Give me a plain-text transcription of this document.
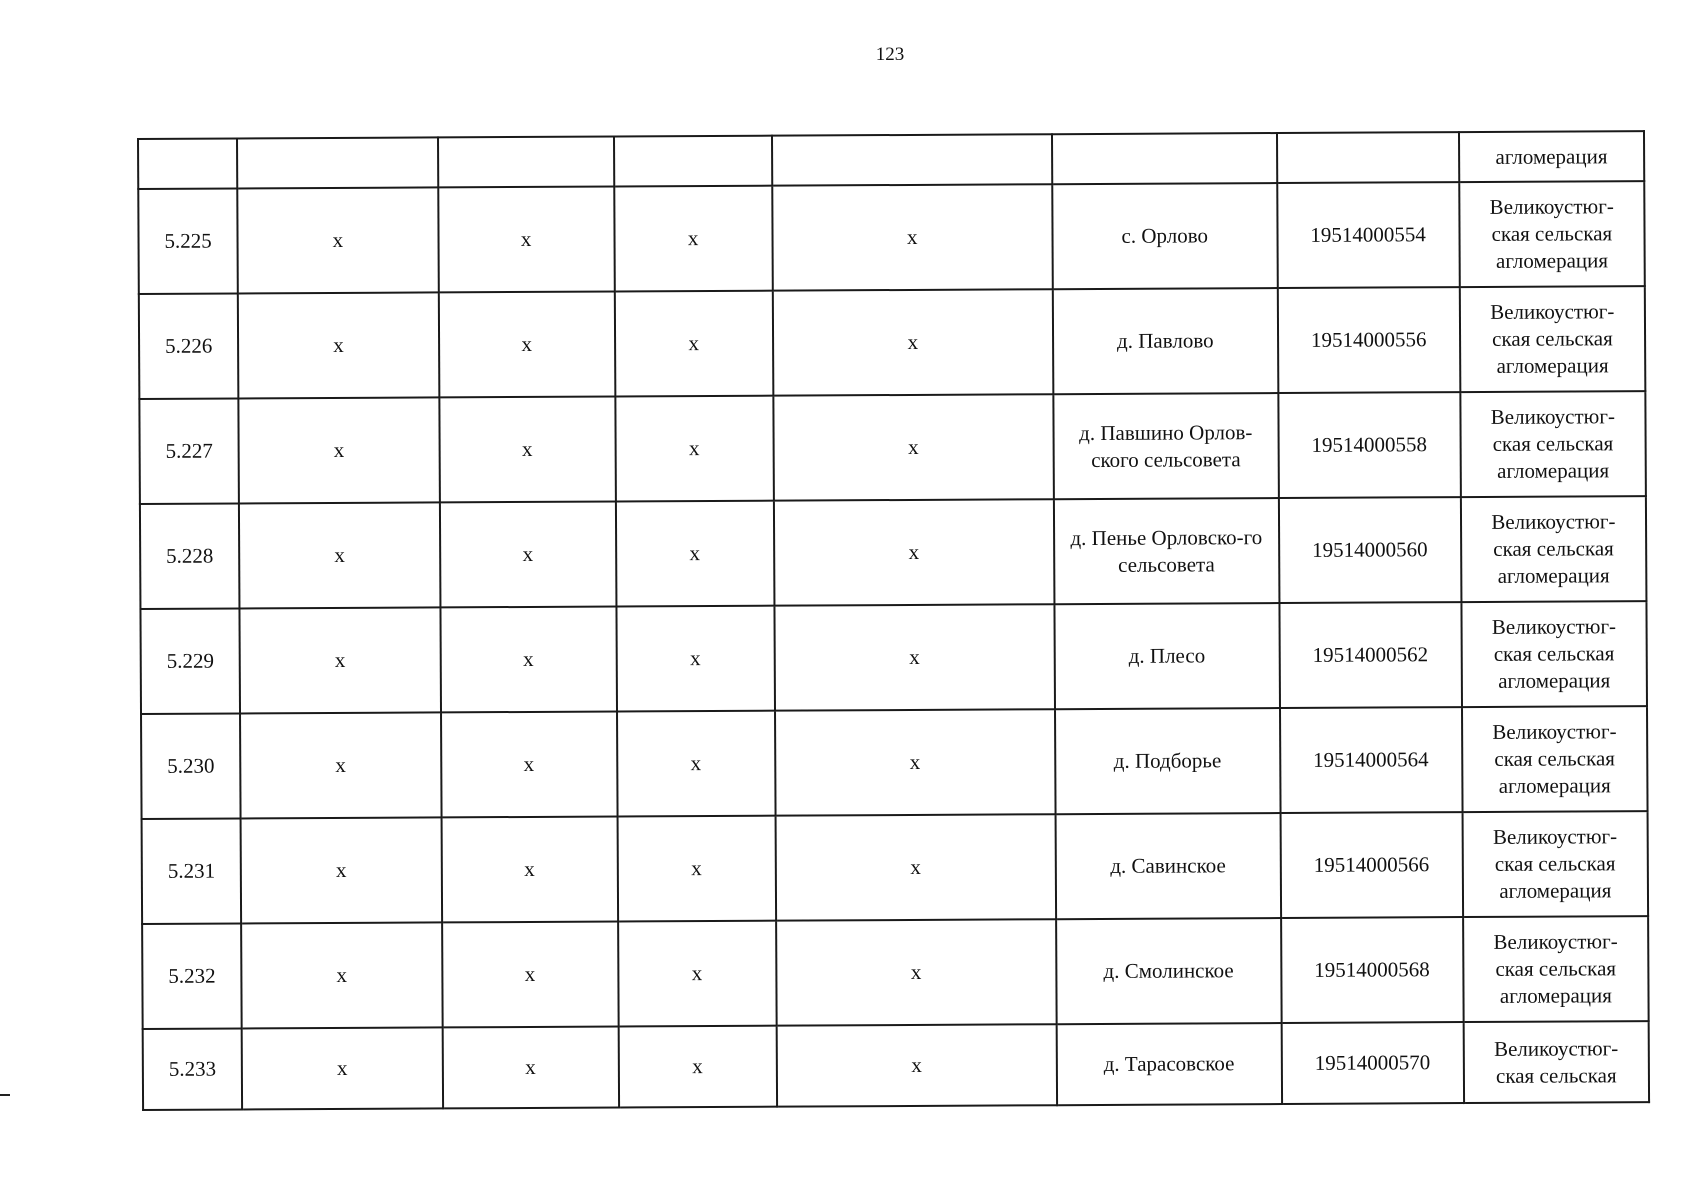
123
							агломерация
5.225	х	х	х	х	с. Орлово	19514000554	Великоустюг-
ская сельская
агломерация

5.226	х	х	х	х	д. Павлово	19514000556	Великоустюг-
ская сельская
агломерация

5.227	х	х	х	х	д. Павшино Орлов-ского сельсовета	19514000558	Великоустюг-
ская сельская
агломерация

5.228	х	х	х	х	д. Пенье Орловско-го сельсовета	19514000560	Великоустюг-
ская сельская
агломерация

5.229	х	х	х	х	д. Плесо	19514000562	Великоустюг-
ская сельская
агломерация

5.230	х	х	х	х	д. Подборье	19514000564	Великоустюг-
ская сельская
агломерация

5.231	х	х	х	х	д. Савинское	19514000566	Великоустюг-
ская сельская
агломерация

5.232	х	х	х	х	д. Смолинское	19514000568	Великоустюг-
ская сельская
агломерация

5.233	х	х	х	х	д. Тарасовское	19514000570	Великоустюг-
ская сельская
